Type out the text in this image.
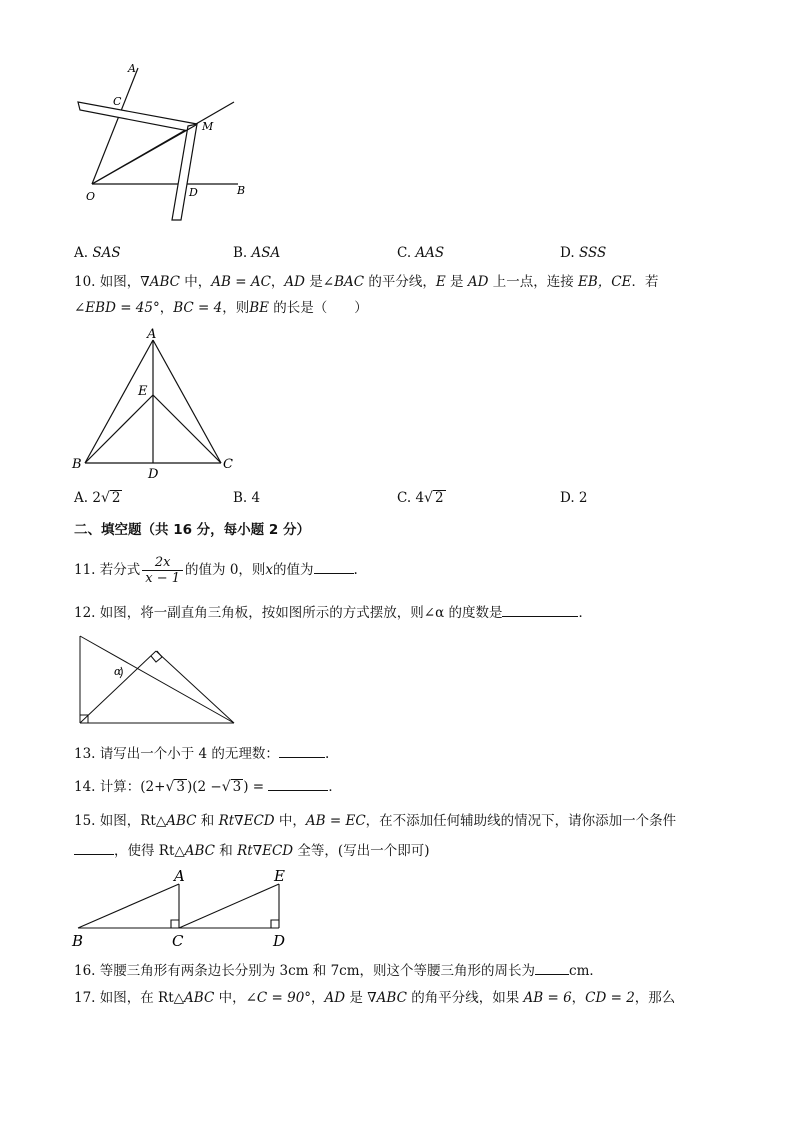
A
C
M
O	D	B
A. SAS	B. ASA	C. AAS	D. SSS
10. 如图，∇ABC 中，AB = AC，AD 是∠BAC 的平分线，E 是 AD 上一点，连接 EB，CE．若
∠EBD = 45°，BC = 4，则BE 的长是（　　）
A
E
B
D
C
A. 2√ 2	B. 4	C. 4√ 2	D. 2
二、填空题（共 16 分，每小题 2 分）
11. 若分式 $\frac{2x}{x - 1}$ 的值为 0，则x的值为	.
12. 如图，将一副直角三角板，按如图所示的方式摆放，则∠α 的度数是	．
α
13. 请写出一个小于 4 的无理数：	.
14. 计算：(2+√ 3 )(2 −√ 3 ) =	．
15. 如图，Rt△ABC 和 Rt∇ECD 中，AB = EC，在不添加任何辅助线的情况下，请你添加一个条件
，使得 Rt△ABC 和 Rt∇ECD 全等，(写出一个即可)
A	E
B	C	D
16. 等腰三角形有两条边长分别为 3cm 和 7cm，则这个等腰三角形的周长为	cm．
17. 如图，在 Rt△ABC 中，∠C = 90°，AD 是 ∇ABC 的角平分线，如果 AB = 6，CD = 2，那么
